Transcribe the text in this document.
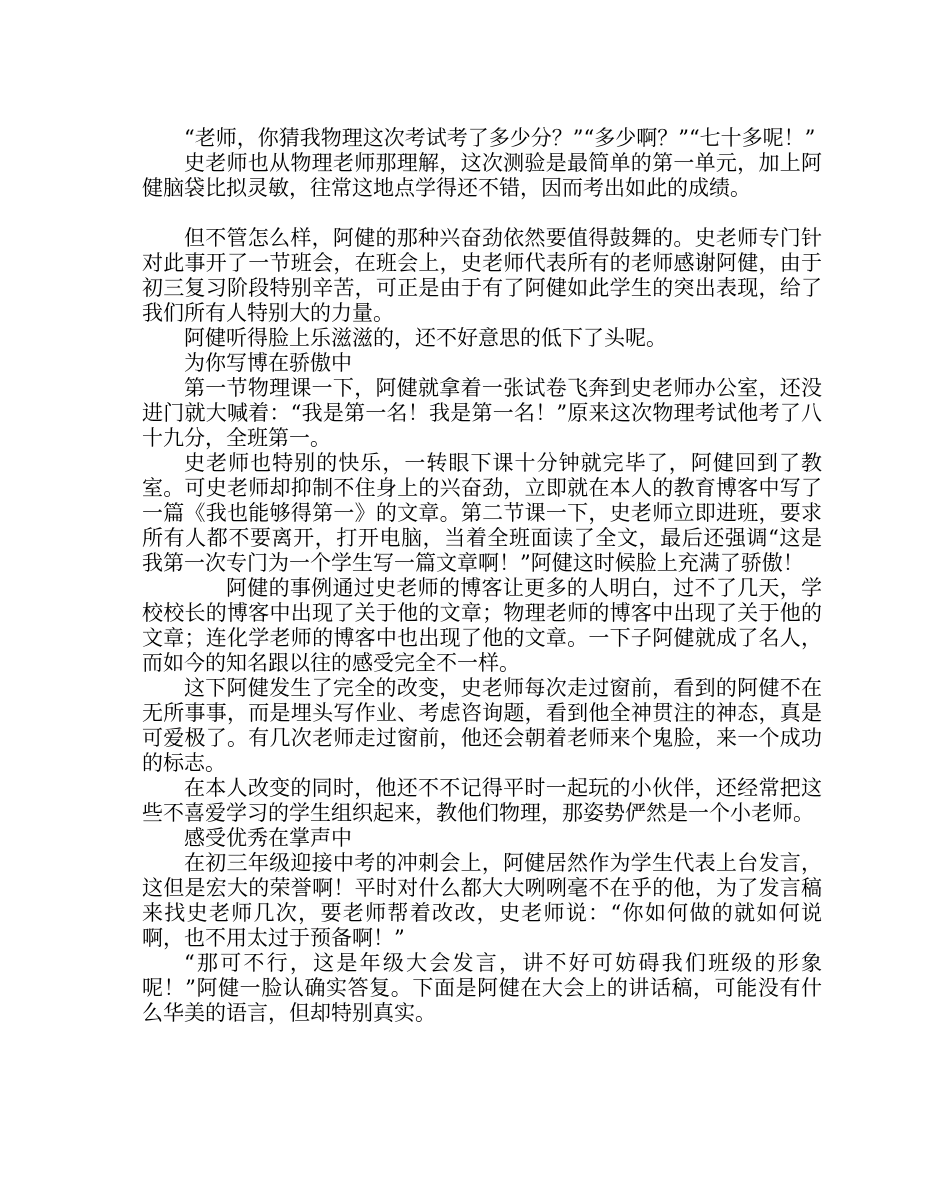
“老师，你猜我物理这次考试考了多少分？”“多少啊？”“七十多呢！”

史老师也从物理老师那理解，这次测验是最简单的第一单元，加上阿健脑袋比拟灵敏，往常这地点学得还不错，因而考出如此的成绩。

但不管怎么样，阿健的那种兴奋劲依然要值得鼓舞的。史老师专门针对此事开了一节班会，在班会上，史老师代表所有的老师感谢阿健，由于初三复习阶段特别辛苦，可正是由于有了阿健如此学生的突出表现，给了我们所有人特别大的力量。

阿健听得脸上乐滋滋的，还不好意思的低下了头呢。

为你写博在骄傲中

第一节物理课一下，阿健就拿着一张试卷飞奔到史老师办公室，还没进门就大喊着：“我是第一名！我是第一名！”原来这次物理考试他考了八十九分，全班第一。

史老师也特别的快乐，一转眼下课十分钟就完毕了，阿健回到了教室。可史老师却抑制不住身上的兴奋劲，立即就在本人的教育博客中写了一篇《我也能够得第一》的文章。第二节课一下，史老师立即进班，要求所有人都不要离开，打开电脑，当着全班面读了全文，最后还强调“这是我第一次专门为一个学生写一篇文章啊！”阿健这时候脸上充满了骄傲！

阿健的事例通过史老师的博客让更多的人明白，过不了几天，学校校长的博客中出现了关于他的文章；物理老师的博客中出现了关于他的文章；连化学老师的博客中也出现了他的文章。一下子阿健就成了名人，而如今的知名跟以往的感受完全不一样。

这下阿健发生了完全的改变，史老师每次走过窗前，看到的阿健不在无所事事，而是埋头写作业、考虑咨询题，看到他全神贯注的神态，真是可爱极了。有几次老师走过窗前，他还会朝着老师来个鬼脸，来一个成功的标志。

在本人改变的同时，他还不不记得平时一起玩的小伙伴，还经常把这些不喜爱学习的学生组织起来，教他们物理，那姿势俨然是一个小老师。

感受优秀在掌声中

在初三年级迎接中考的冲刺会上，阿健居然作为学生代表上台发言，这但是宏大的荣誉啊！平时对什么都大大咧咧毫不在乎的他，为了发言稿来找史老师几次，要老师帮着改改，史老师说：“你如何做的就如何说啊，也不用太过于预备啊！”

“那可不行，这是年级大会发言，讲不好可妨碍我们班级的形象呢！”阿健一脸认确实答复。下面是阿健在大会上的讲话稿，可能没有什么华美的语言，但却特别真实。
